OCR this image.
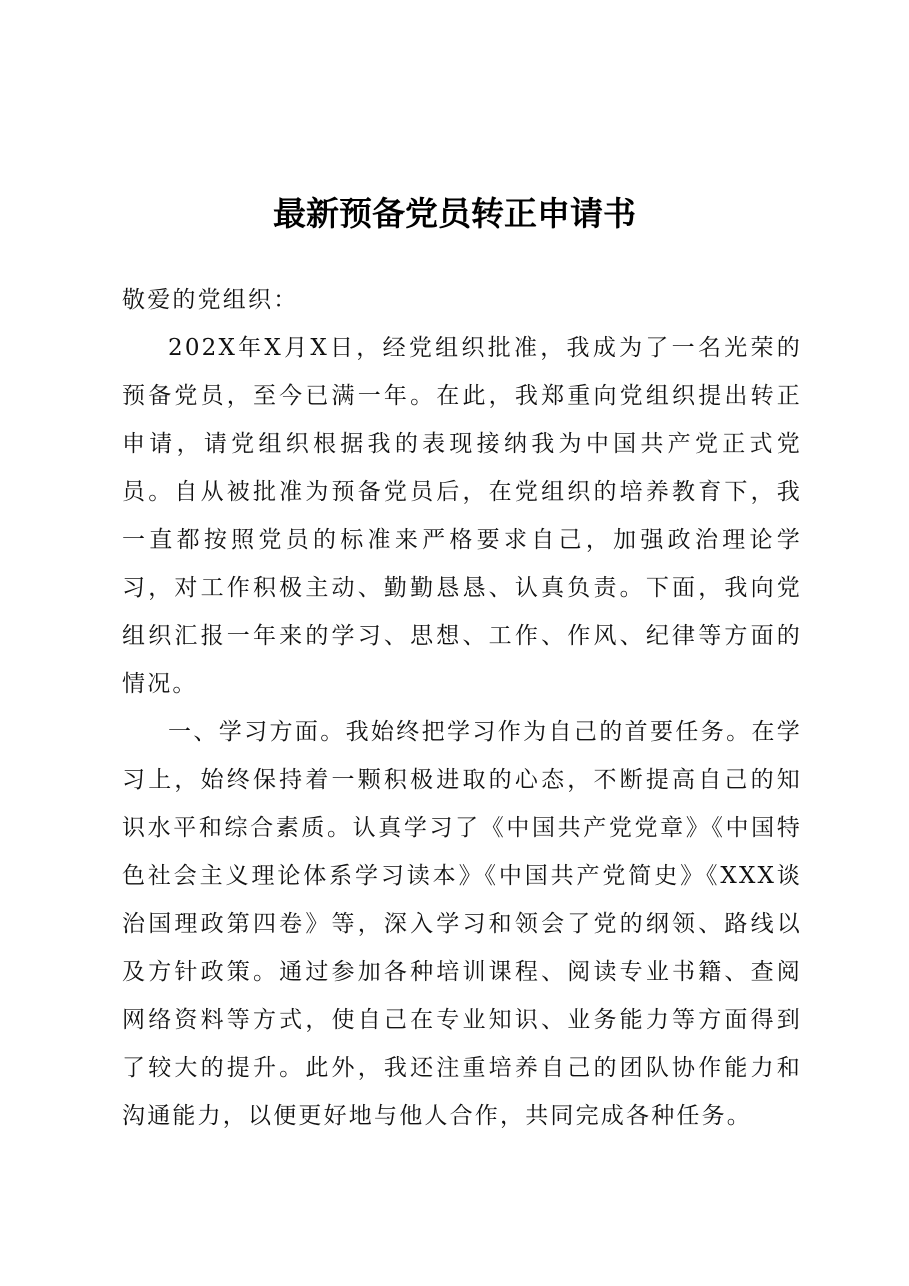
最新预备党员转正申请书

敬爱的党组织：

202X年X月X日，经党组织批准，我成为了一名光荣的预备党员，至今已满一年。在此，我郑重向党组织提出转正申请，请党组织根据我的表现接纳我为中国共产党正式党员。自从被批准为预备党员后，在党组织的培养教育下，我一直都按照党员的标准来严格要求自己，加强政治理论学习，对工作积极主动、勤勤恳恳、认真负责。下面，我向党组织汇报一年来的学习、思想、工作、作风、纪律等方面的情况。

一、学习方面。我始终把学习作为自己的首要任务。在学习上，始终保持着一颗积极进取的心态，不断提高自己的知识水平和综合素质。认真学习了《中国共产党党章》《中国特色社会主义理论体系学习读本》《中国共产党简史》《XXX谈治国理政第四卷》等，深入学习和领会了党的纲领、路线以及方针政策。通过参加各种培训课程、阅读专业书籍、查阅网络资料等方式，使自己在专业知识、业务能力等方面得到了较大的提升。此外，我还注重培养自己的团队协作能力和沟通能力，以便更好地与他人合作，共同完成各种任务。
